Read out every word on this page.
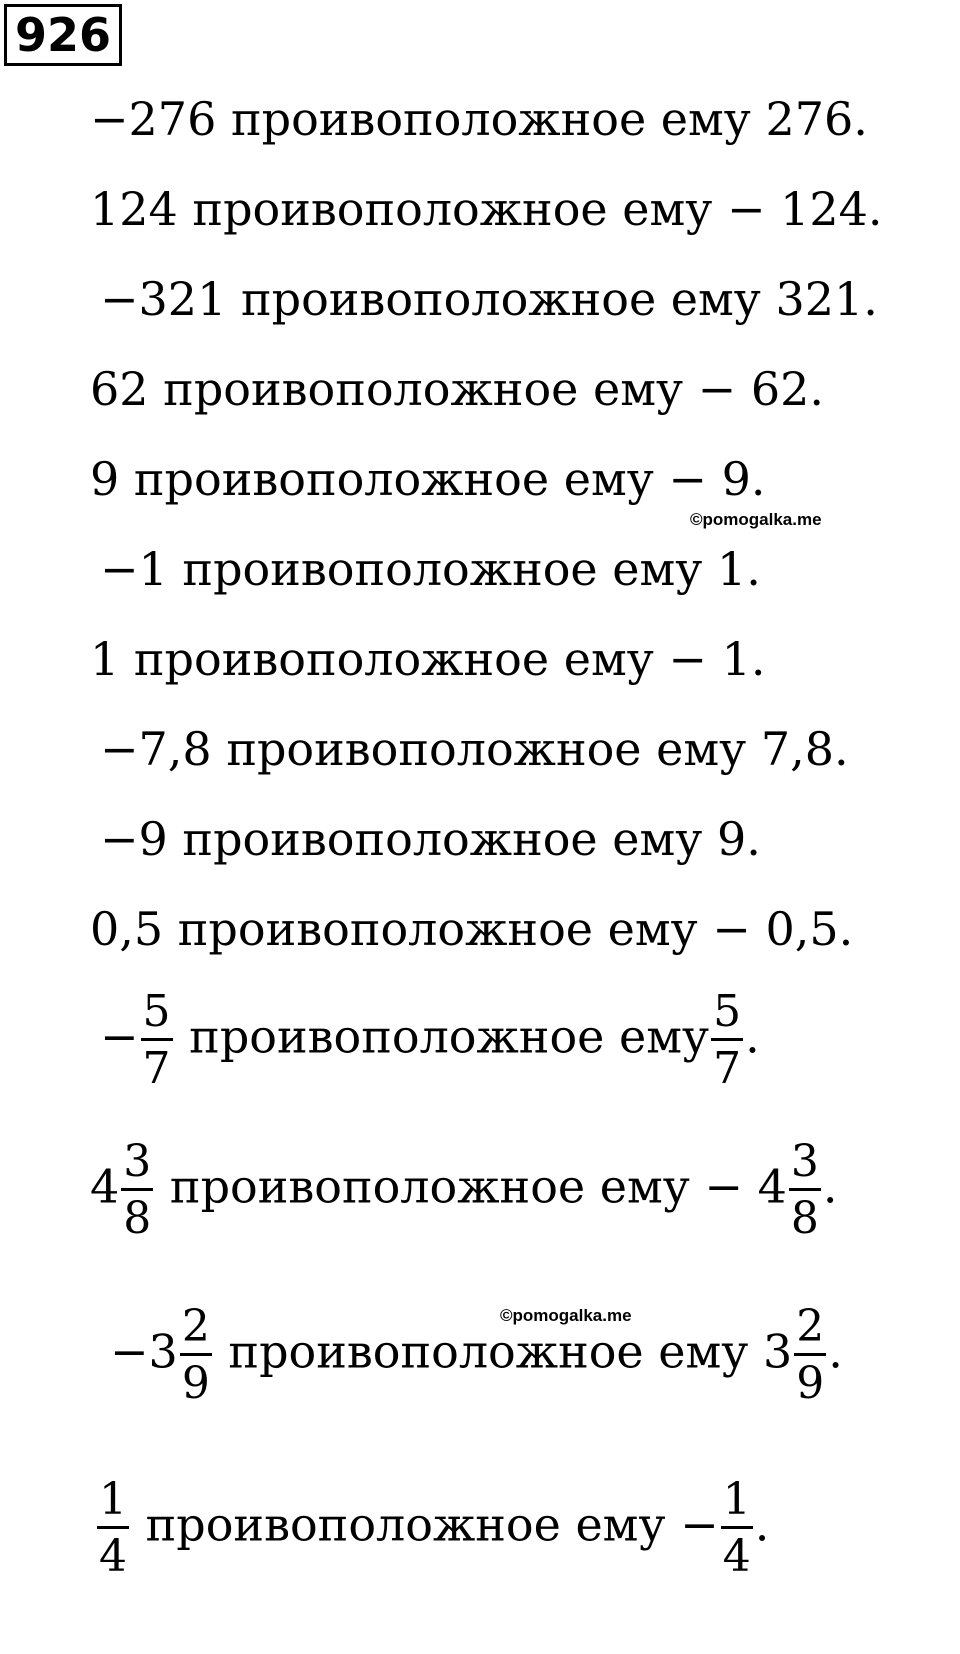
926
−276 проивоположное ему 276.
124 проивоположное ему − 124.
−321 проивоположное ему 321.
62 проивоположное ему − 62.
9 проивоположное ему − 9.
−1 проивоположное ему 1.
1 проивоположное ему − 1.
−7,8 проивоположное ему 7,8.
−9 проивоположное ему 9.
0,5 проивоположное ему − 0,5.
©pomogalka.me
©pomogalka.me
− $\frac{5}{7}$ проивоположное ему $\frac{5}{7}$ .
$4 \frac{3}{8}$ проивоположное ему − $4 \frac{3}{8}$ .
$-3 \frac{2}{9}$ проивоположное ему $3 \frac{2}{9}$ .
$\frac{1}{4}$ проивоположное ему − $\frac{1}{4}$ .
